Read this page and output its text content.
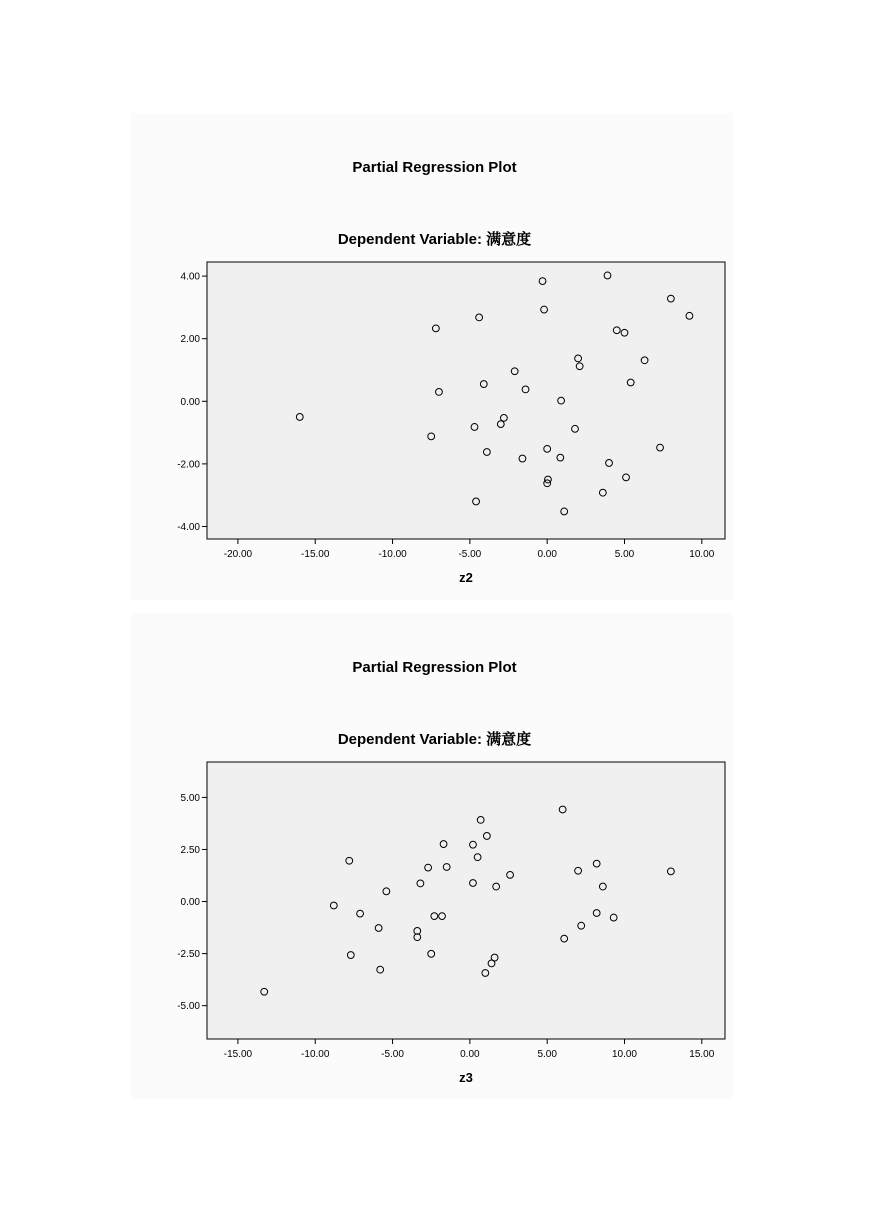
Partial Regression Plot
Dependent Variable: 满意度
-4.00
-2.00
0.00
2.00
4.00
-20.00	-15.00	-10.00	-5.00	0.00	5.00	10.00
z2
Partial Regression Plot
Dependent Variable: 满意度
-5.00
-2.50
0.00
2.50
5.00
-15.00	-10.00	-5.00	0.00	5.00	10.00	15.00
z3
